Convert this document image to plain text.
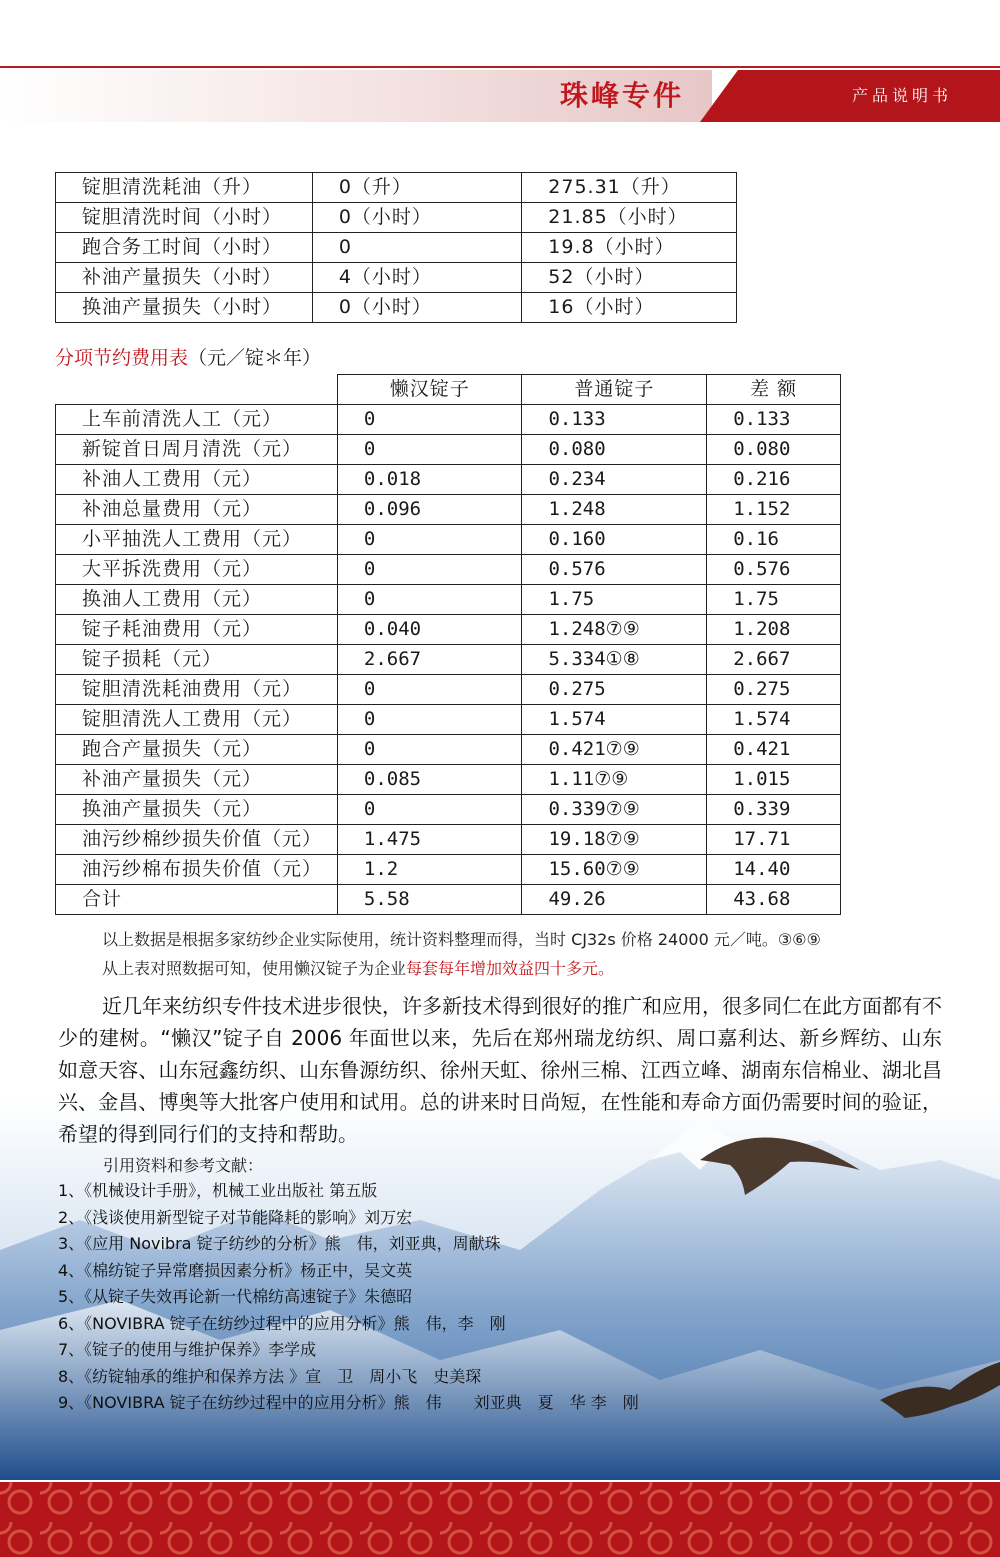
珠峰专件	产品说明书
锭胆清洗耗油（升）	0（升）	275.31（升）
锭胆清洗时间（小时）	0（小时）	21.85（小时）
跑合务工时间（小时）	0	19.8（小时）
补油产量损失（小时）	4（小时）	52（小时）
换油产量损失（小时）	0（小时）	16（小时）
分项节约费用表（元／锭＊年）
	懒汉锭子	普通锭子	差 额
上车前清洗人工（元）	0	0.133	0.133
新锭首日周月清洗（元）	0	0.080	0.080
补油人工费用（元）	0.018	0.234	0.216
补油总量费用（元）	0.096	1.248	1.152
小平抽洗人工费用（元）	0	0.160	0.16
大平拆洗费用（元）	0	0.576	0.576
换油人工费用（元）	0	1.75	1.75
锭子耗油费用（元）	0.040	1.248⑦⑨	1.208
锭子损耗（元）	2.667	5.334①⑧	2.667
锭胆清洗耗油费用（元）	0	0.275	0.275
锭胆清洗人工费用（元）	0	1.574	1.574
跑合产量损失（元）	0	0.421⑦⑨	0.421
补油产量损失（元）	0.085	1.11⑦⑨	1.015
换油产量损失（元）	0	0.339⑦⑨	0.339
油污纱棉纱损失价值（元）	1.475	19.18⑦⑨	17.71
油污纱棉布损失价值（元）	1.2	15.60⑦⑨	14.40
合计	5.58	49.26	43.68
以上数据是根据多家纺纱企业实际使用，统计资料整理而得，当时 CJ32s 价格 24000 元／吨。③⑥⑨
从上表对照数据可知，使用懒汉锭子为企业每套每年增加效益四十多元。
近几年来纺织专件技术进步很快，许多新技术得到很好的推广和应用，很多同仁在此方面都有不少的建树。“懒汉”锭子自 2006 年面世以来，先后在郑州瑞龙纺织、周口嘉利达、新乡辉纺、山东如意天容、山东冠鑫纺织、山东鲁源纺织、徐州天虹、徐州三棉、江西立峰、湖南东信棉业、湖北昌兴、金昌、博奥等大批客户使用和试用。总的讲来时日尚短，在性能和寿命方面仍需要时间的验证，希望的得到同行们的支持和帮助。
引用资料和参考文献：
1、《机械设计手册》，机械工业出版社 第五版
2、《浅谈使用新型锭子对节能降耗的影响》刘万宏
3、《应用 Novibra 锭子纺纱的分析》熊　伟，刘亚典，周献珠
4、《棉纺锭子异常磨损因素分析》杨正中，吴文英
5、《从锭子失效再论新一代棉纺高速锭子》朱德昭
6、《NOVIBRA 锭子在纺纱过程中的应用分析》熊　伟，李　刚
7、《锭子的使用与维护保养》李学成
8、《纺锭轴承的维护和保养方法 》宣　卫　周小飞　史美琛
9、《NOVIBRA 锭子在纺纱过程中的应用分析》熊　伟　　刘亚典　夏　华 李　刚
